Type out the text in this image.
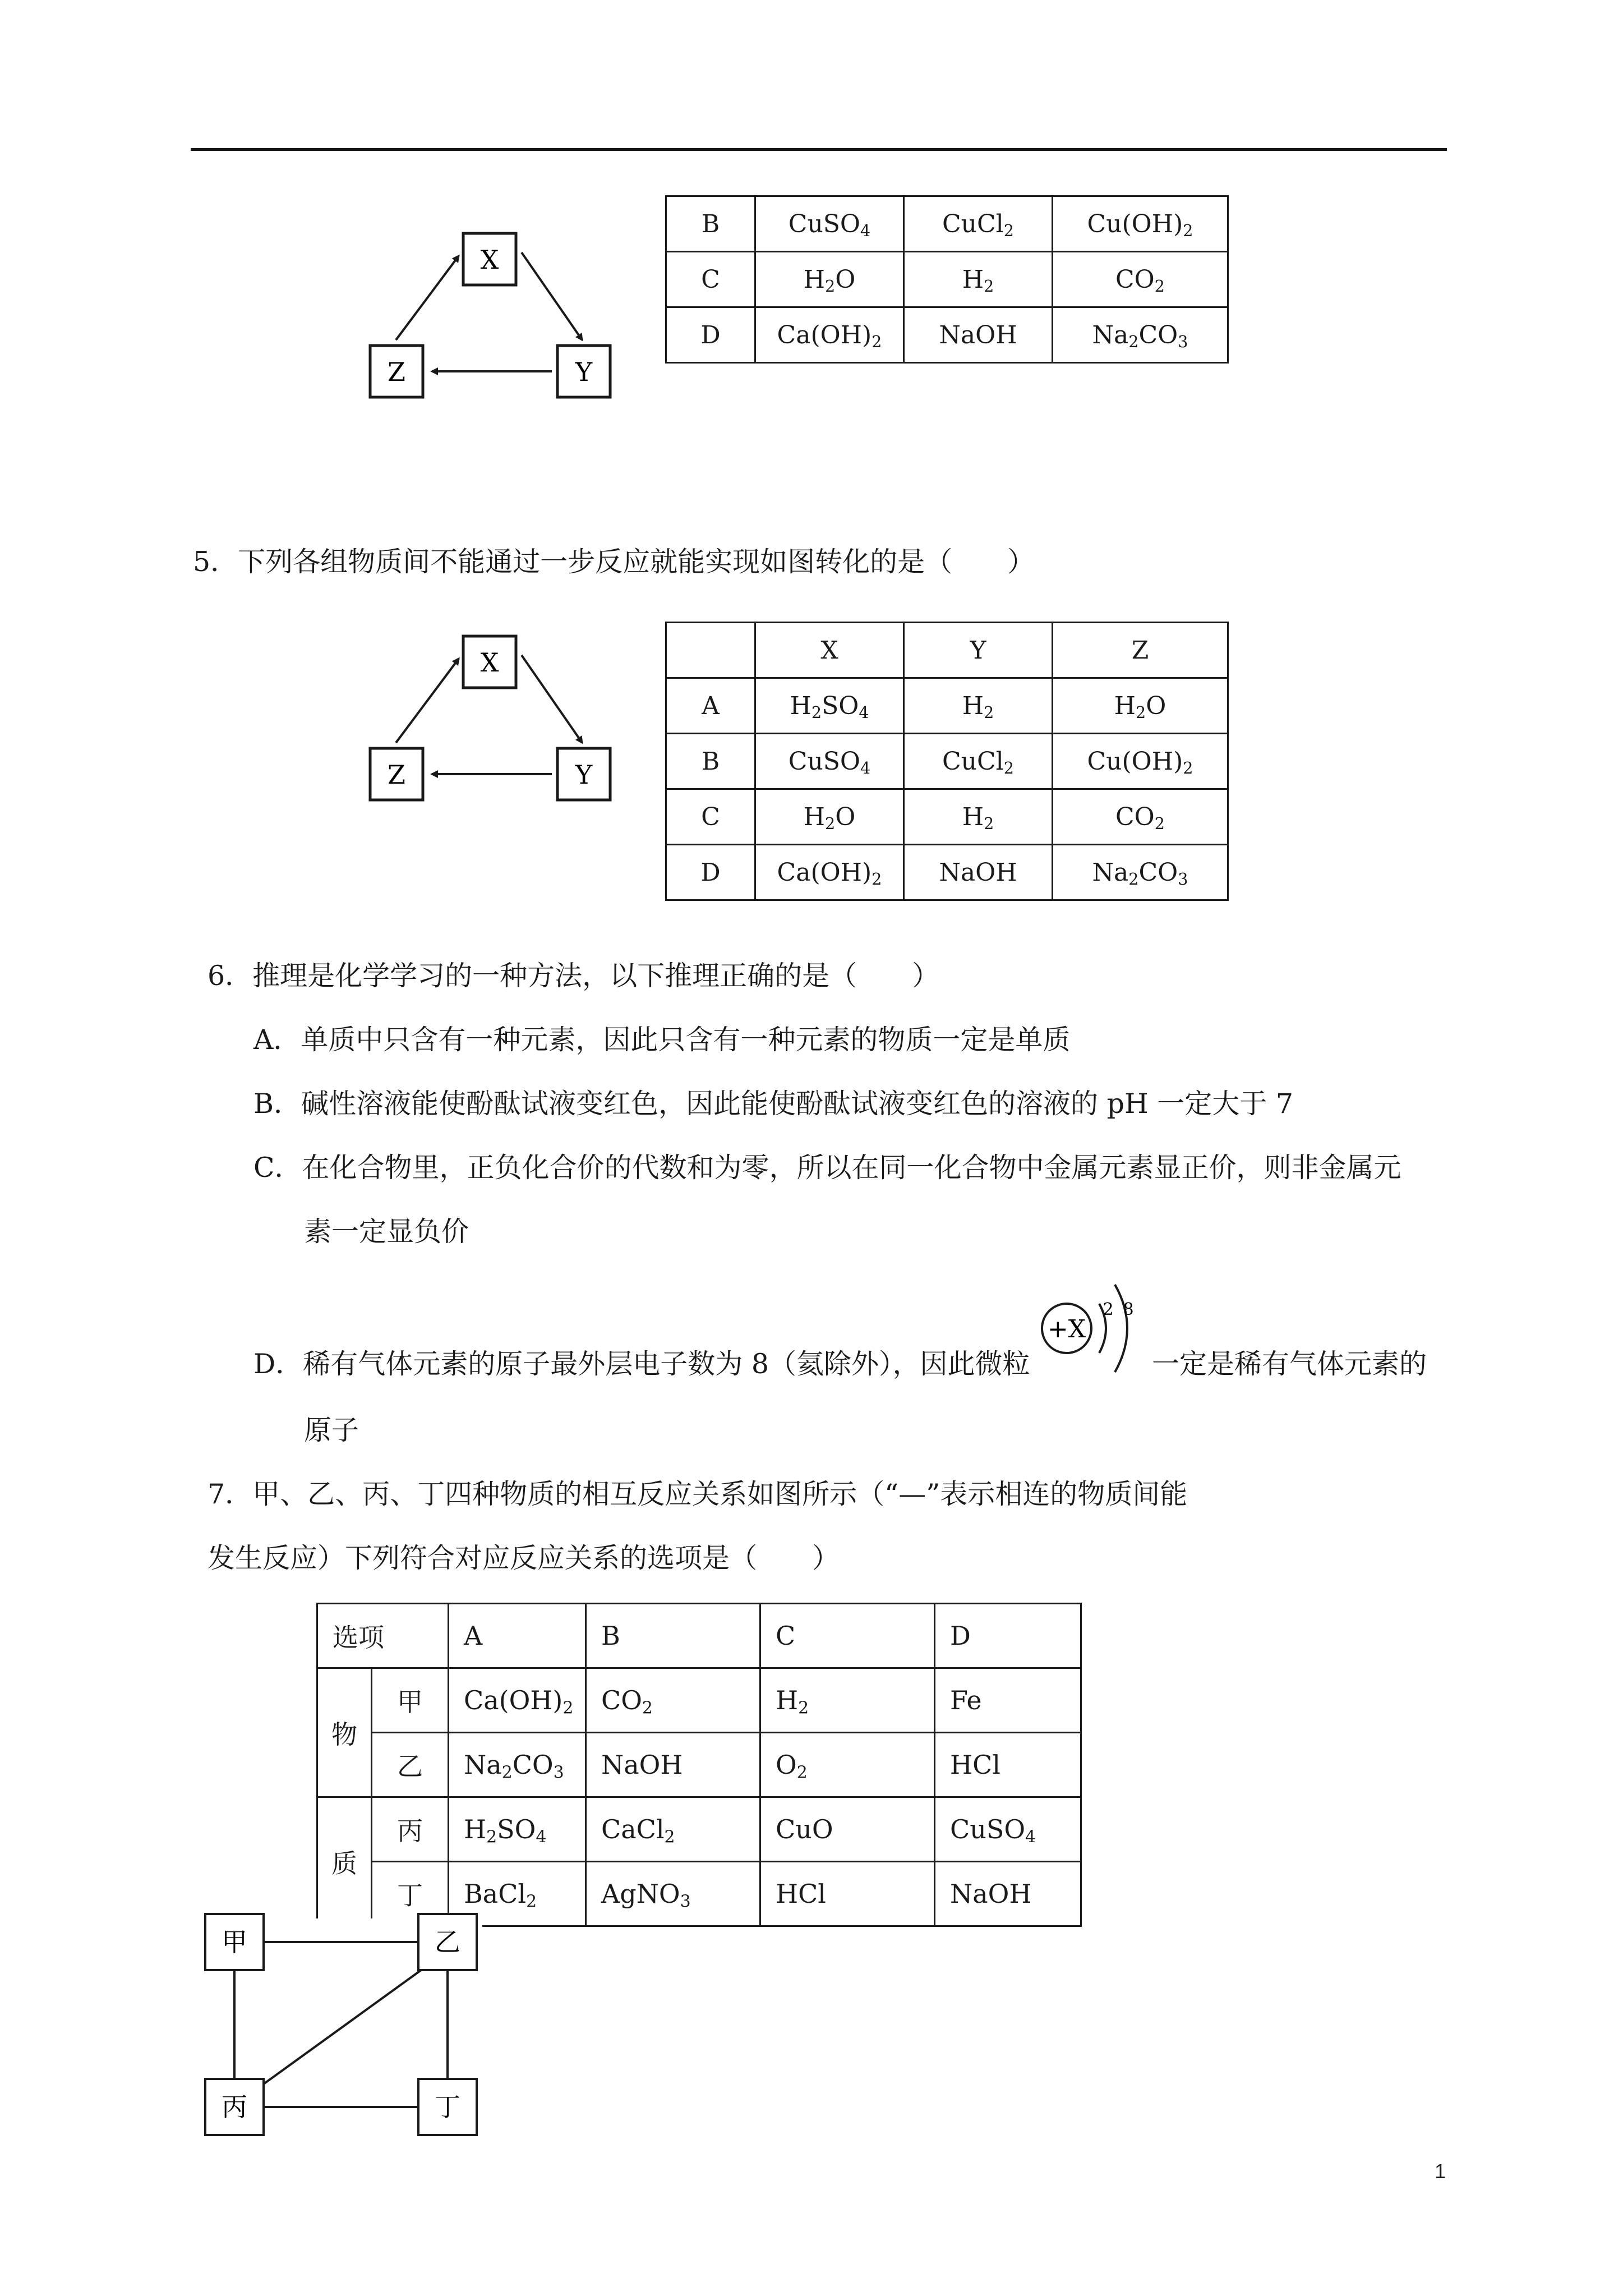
X
Z	Y
B	CuSO$_4$	CuCl$_2$	$Cu(OH)_2$
C	$H_2O$	$H_2$	$CO_2$
D	$Ca(OH)_2$	NaOH	$Na_2CO_3$
5．下列各组物质间不能通过一步反应就能实现如图转化的是（　　）
X
Z	Y
	X	Y	Z
A	$H_2SO_4$	$H_2$	$H_2O$
B	CuSO$_4$	CuCl$_2$	$Cu(OH)_2$
C	$H_2O$	$H_2$	$CO_2$
D	$Ca(OH)_2$	NaOH	$Na_2CO_3$
6．推理是化学学习的一种方法，以下推理正确的是（　　）
A．单质中只含有一种元素，因此只含有一种元素的物质一定是单质
B．碱性溶液能使酚酞试液变红色，因此能使酚酞试液变红色的溶液的 pH 一定大于 7
C．在化合物里，正负化合价的代数和为零，所以在同一化合物中金属元素显正价，则非金属元
素一定显负价
D．稀有气体元素的原子最外层电子数为 8（氦除外），因此微粒
+X
2 8
一定是稀有气体元素的
原子
7．甲、乙、丙、丁四种物质的相互反应关系如图所示（“—”表示相连的物质间能
发生反应）下列符合对应反应关系的选项是（　　）
选项		A	B	C	D
物	甲	$Ca(OH)_2$	$CO_2$	$H_2$	Fe
	乙	$Na_2CO_3$	NaOH	$O_2$	HCl
质	丙	$H_2SO_4$	CaCl$_2$	CuO	CuSO$_4$
	丁	BaCl$_2$	AgNO$_3$	HCl	NaOH
甲	乙
丙	丁
1
